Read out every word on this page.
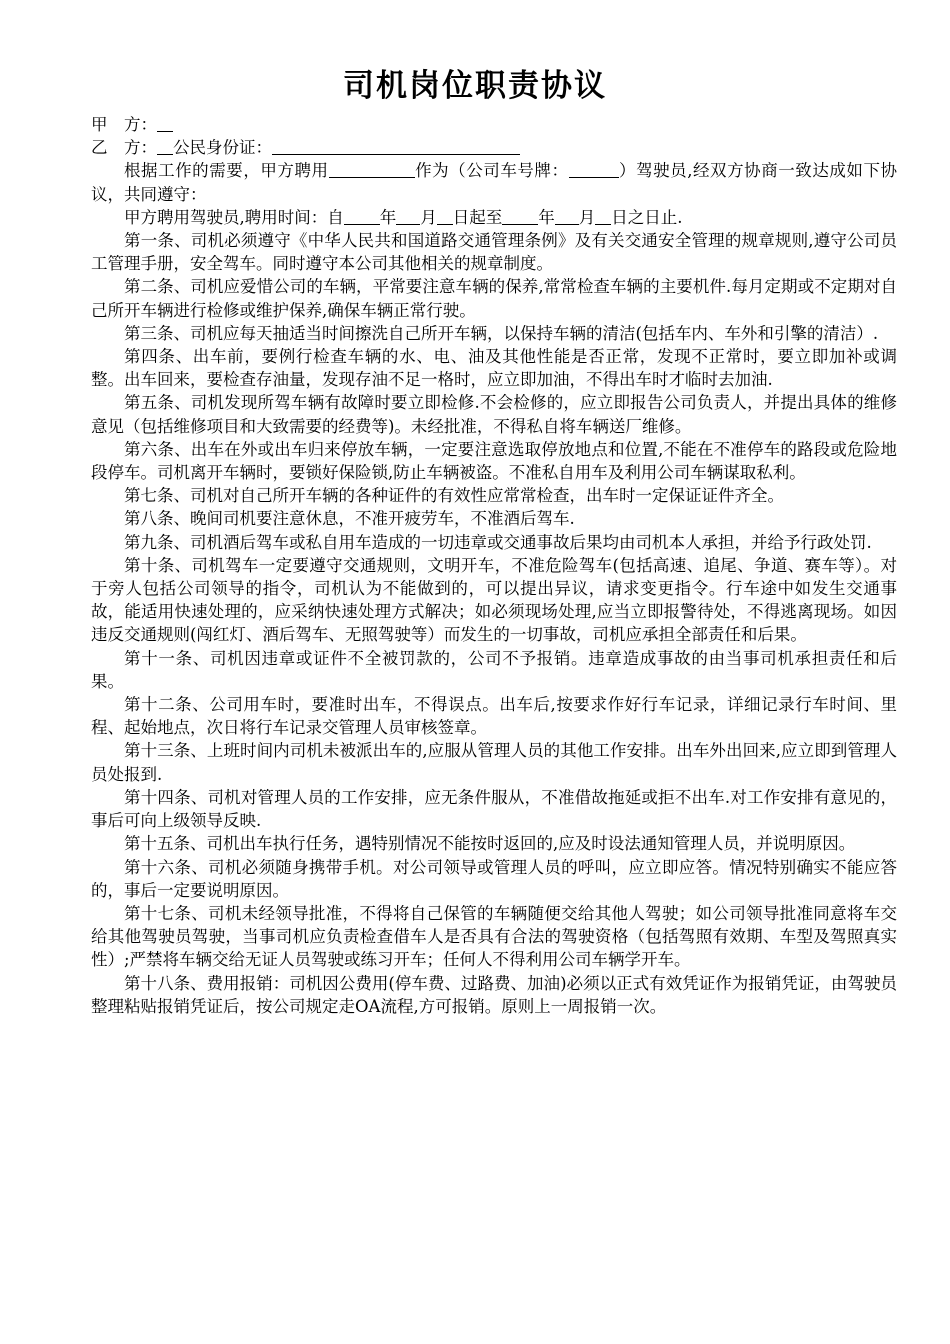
司机岗位职责协议

甲　方：

乙　方： 公民身份证：

根据工作的需要，甲方聘用	作为（公司车号牌：	）驾驶员,经双方协商一致达成如下协议，共同遵守：

甲方聘用驾驶员,聘用时间：自 年 月 日起至 年 月 日之日止.

第一条、司机必须遵守《中华人民共和国道路交通管理条例》及有关交通安全管理的规章规则,遵守公司员工管理手册，安全驾车。同时遵守本公司其他相关的规章制度。

第二条、司机应爱惜公司的车辆，平常要注意车辆的保养,常常检查车辆的主要机件.每月定期或不定期对自己所开车辆进行检修或维护保养,确保车辆正常行驶。

第三条、司机应每天抽适当时间擦洗自己所开车辆，以保持车辆的清洁(包括车内、车外和引擎的清洁）.

第四条、出车前，要例行检查车辆的水、电、油及其他性能是否正常，发现不正常时，要立即加补或调整。出车回来，要检查存油量，发现存油不足一格时，应立即加油，不得出车时才临时去加油.

第五条、司机发现所驾车辆有故障时要立即检修.不会检修的，应立即报告公司负责人，并提出具体的维修意见（包括维修项目和大致需要的经费等)。未经批准，不得私自将车辆送厂维修。

第六条、出车在外或出车归来停放车辆，一定要注意选取停放地点和位置,不能在不准停车的路段或危险地段停车。司机离开车辆时，要锁好保险锁,防止车辆被盗。不准私自用车及利用公司车辆谋取私利。

第七条、司机对自己所开车辆的各种证件的有效性应常常检查，出车时一定保证证件齐全。

第八条、晚间司机要注意休息，不准开疲劳车，不准酒后驾车.

第九条、司机酒后驾车或私自用车造成的一切违章或交通事故后果均由司机本人承担，并给予行政处罚.

第十条、司机驾车一定要遵守交通规则，文明开车，不准危险驾车(包括高速、追尾、争道、赛车等）。对于旁人包括公司领导的指令，司机认为不能做到的，可以提出异议，请求变更指令。行车途中如发生交通事故，能适用快速处理的，应采纳快速处理方式解决；如必须现场处理,应当立即报警待处，不得逃离现场。如因违反交通规则(闯红灯、酒后驾车、无照驾驶等）而发生的一切事故，司机应承担全部责任和后果。

第十一条、司机因违章或证件不全被罚款的，公司不予报销。违章造成事故的由当事司机承担责任和后果。

第十二条、公司用车时，要准时出车，不得误点。出车后,按要求作好行车记录，详细记录行车时间、里程、起始地点，次日将行车记录交管理人员审核签章。

第十三条、上班时间内司机未被派出车的,应服从管理人员的其他工作安排。出车外出回来,应立即到管理人员处报到.

第十四条、司机对管理人员的工作安排，应无条件服从，不准借故拖延或拒不出车.对工作安排有意见的，事后可向上级领导反映.

第十五条、司机出车执行任务，遇特别情况不能按时返回的,应及时设法通知管理人员，并说明原因。

第十六条、司机必须随身携带手机。对公司领导或管理人员的呼叫，应立即应答。情况特别确实不能应答的，事后一定要说明原因。

第十七条、司机未经领导批准，不得将自己保管的车辆随便交给其他人驾驶；如公司领导批准同意将车交给其他驾驶员驾驶，当事司机应负责检查借车人是否具有合法的驾驶资格（包括驾照有效期、车型及驾照真实性）;严禁将车辆交给无证人员驾驶或练习开车；任何人不得利用公司车辆学开车。

第十八条、费用报销：司机因公费用(停车费、过路费、加油)必须以正式有效凭证作为报销凭证，由驾驶员整理粘贴报销凭证后，按公司规定走OA流程,方可报销。原则上一周报销一次。
